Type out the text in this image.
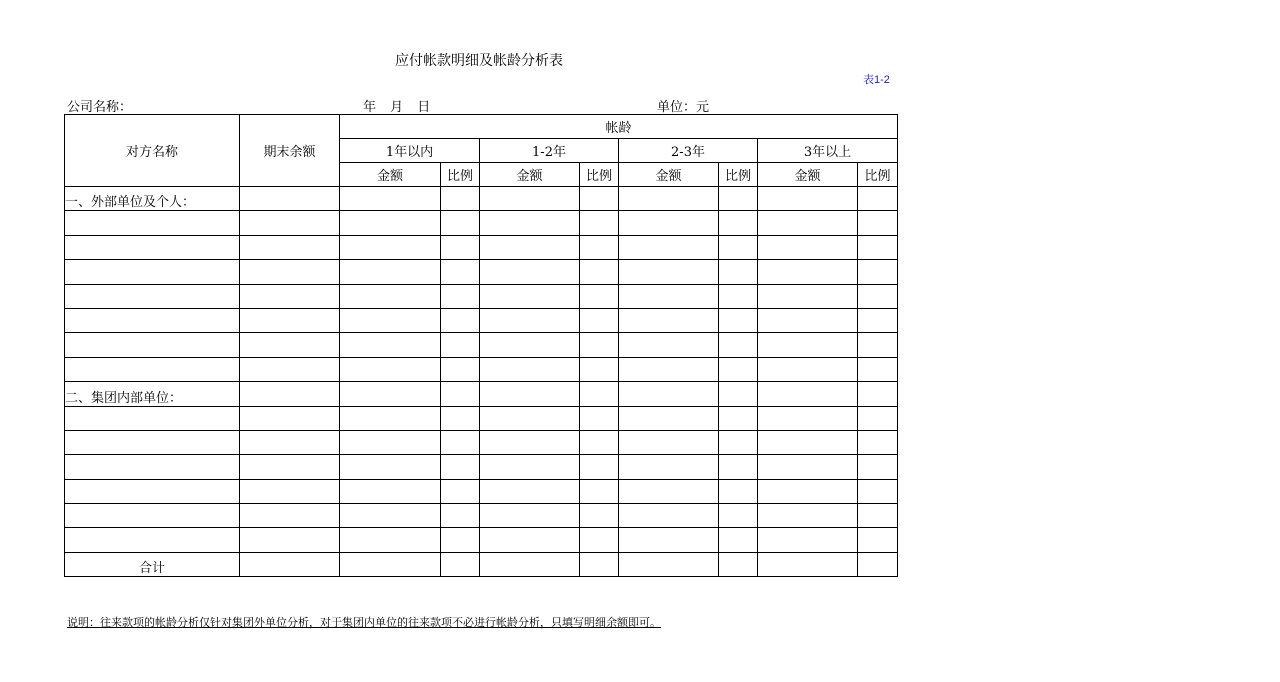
应付帐款明细及帐龄分析表
表1-2
公司名称：	年 月 日	单位：元
对方名称	期末余额	帐龄							
		1年以内		1-2年		2-3年		3年以上	
		金额	比例	金额	比例	金额	比例	金额	比例
一、外部单位及个人：									

二、集团内部单位：									

合计									
说明：往来款项的帐龄分析仅针对集团外单位分析，对于集团内单位的往来款项不必进行帐龄分析，只填写明细余额即可。
